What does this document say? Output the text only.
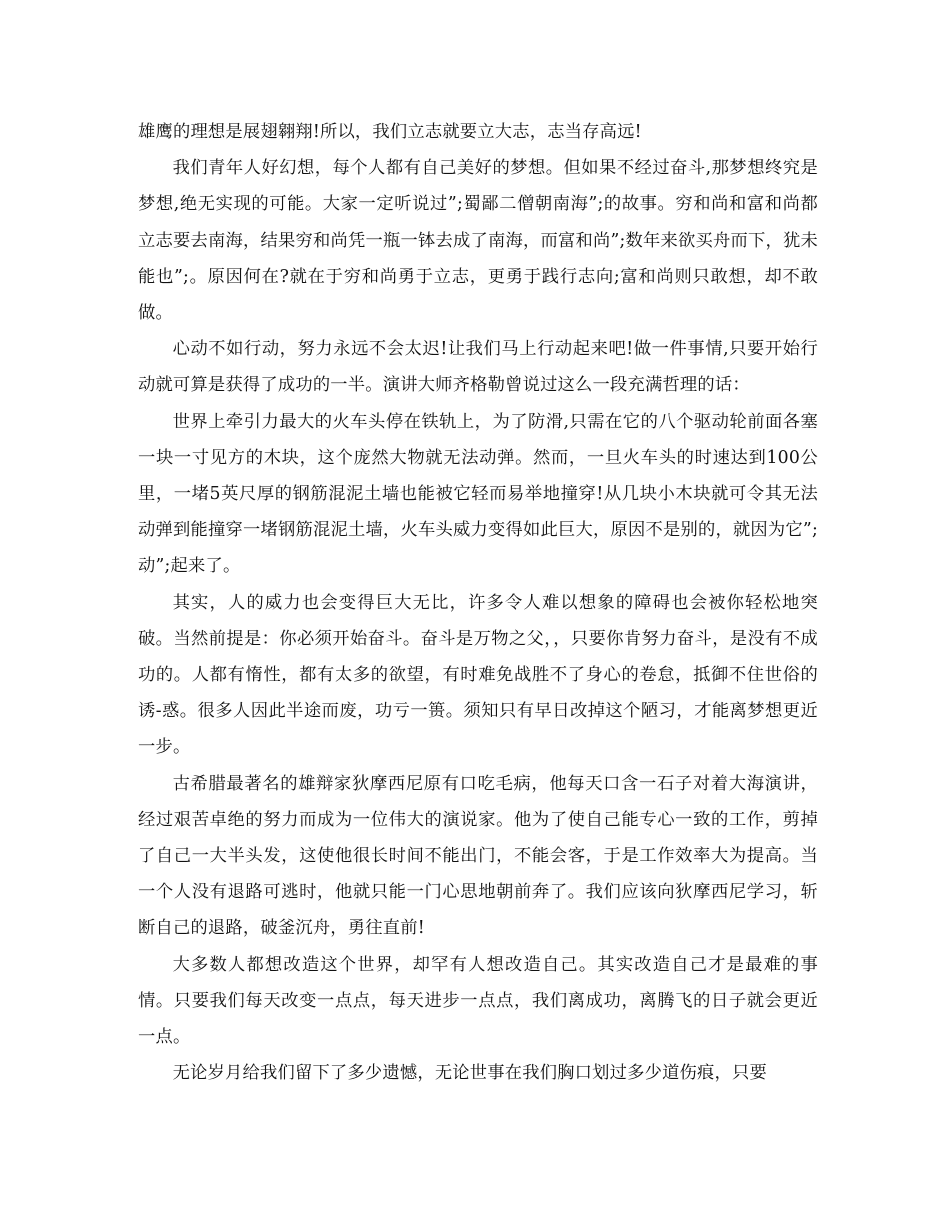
雄鹰的理想是展翅翱翔!所以，我们立志就要立大志，志当存高远!

我们青年人好幻想，每个人都有自己美好的梦想。但如果不经过奋斗,那梦想终究是梦想,绝无实现的可能。大家一定听说过”;蜀鄙二僧朝南海”;的故事。穷和尚和富和尚都立志要去南海，结果穷和尚凭一瓶一钵去成了南海，而富和尚”;数年来欲买舟而下，犹未能也”;。原因何在?就在于穷和尚勇于立志，更勇于践行志向;富和尚则只敢想，却不敢做。

心动不如行动，努力永远不会太迟!让我们马上行动起来吧!做一件事情,只要开始行动就可算是获得了成功的一半。演讲大师齐格勒曾说过这么一段充满哲理的话：

世界上牵引力最大的火车头停在铁轨上，为了防滑,只需在它的八个驱动轮前面各塞一块一寸见方的木块，这个庞然大物就无法动弹。然而，一旦火车头的时速达到100公里，一堵5英尺厚的钢筋混泥土墙也能被它轻而易举地撞穿!从几块小木块就可令其无法动弹到能撞穿一堵钢筋混泥土墙，火车头威力变得如此巨大，原因不是别的，就因为它”;动”;起来了。

其实，人的威力也会变得巨大无比，许多令人难以想象的障碍也会被你轻松地突破。当然前提是：你必须开始奋斗。奋斗是万物之父，，只要你肯努力奋斗，是没有不成功的。人都有惰性，都有太多的欲望，有时难免战胜不了身心的卷怠，抵御不住世俗的诱-惑。很多人因此半途而废，功亏一篑。须知只有早日改掉这个陋习，才能离梦想更近一步。

古希腊最著名的雄辩家狄摩西尼原有口吃毛病，他每天口含一石子对着大海演讲，经过艰苦卓绝的努力而成为一位伟大的演说家。他为了使自己能专心一致的工作，剪掉了自己一大半头发，这使他很长时间不能出门，不能会客，于是工作效率大为提高。当一个人没有退路可逃时，他就只能一门心思地朝前奔了。我们应该向狄摩西尼学习，斩断自己的退路，破釜沉舟，勇往直前!

大多数人都想改造这个世界，却罕有人想改造自己。其实改造自己才是最难的事情。只要我们每天改变一点点，每天进步一点点，我们离成功，离腾飞的日子就会更近一点。

无论岁月给我们留下了多少遗憾，无论世事在我们胸口划过多少道伤痕，只要
